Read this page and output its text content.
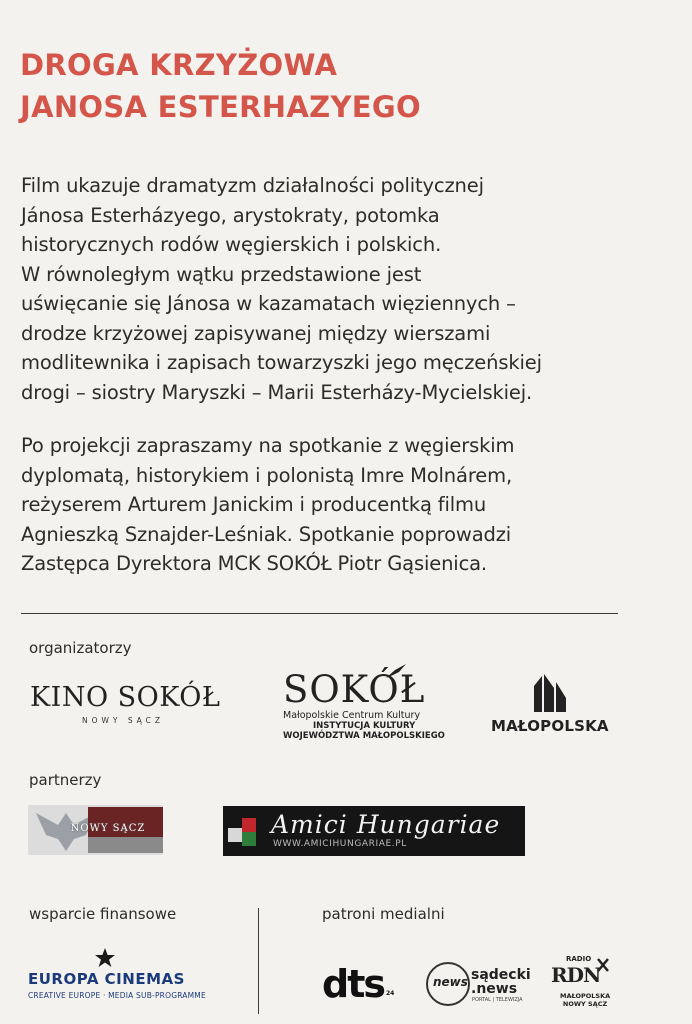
DROGA KRZYŻOWA
JANOSA ESTERHAZYEGO

Film ukazuje dramatyzm działalności politycznej
Jánosa Esterházyego, arystokraty, potomka
historycznych rodów węgierskich i polskich.
W równoległym wątku przedstawione jest
uświęcanie się Jánosa w kazamatach więziennych –
drodze krzyżowej zapisywanej między wierszami
modlitewnika i zapisach towarzyszki jego męczeńskiej
drogi – siostry Maryszki – Marii Esterházy-Mycielskiej.

Po projekcji zapraszamy na spotkanie z węgierskim
dyplomatą, historykiem i polonistą Imre Molnárem,
reżyserem Arturem Janickim i producentką filmu
Agnieszką Sznajder-Leśniak. Spotkanie poprowadzi
Zastępca Dyrektora MCK SOKÓŁ Piotr Gąsienica.

organizatorzy
KINO SOKÓŁ
NOWY SĄCZ
SOKÓŁ
Małopolskie Centrum Kultury
INSTYTUCJA KULTURY
WOJEWÓDZTWA MAŁOPOLSKIEGO
MAŁOPOLSKA
partnerzy
NOWY SĄCZ	Amici Hungariae
WWW.AMICIHUNGARIAE.PL
wsparcie finansowe
EUROPA CINEMAS
CREATIVE EUROPE · MEDIA SUB-PROGRAMME
patroni medialni
dts 24
news sądecki
.news
PORTAL | TELEWIZJA
RADIO
RDN
MAŁOPOLSKA
NOWY SĄCZ
